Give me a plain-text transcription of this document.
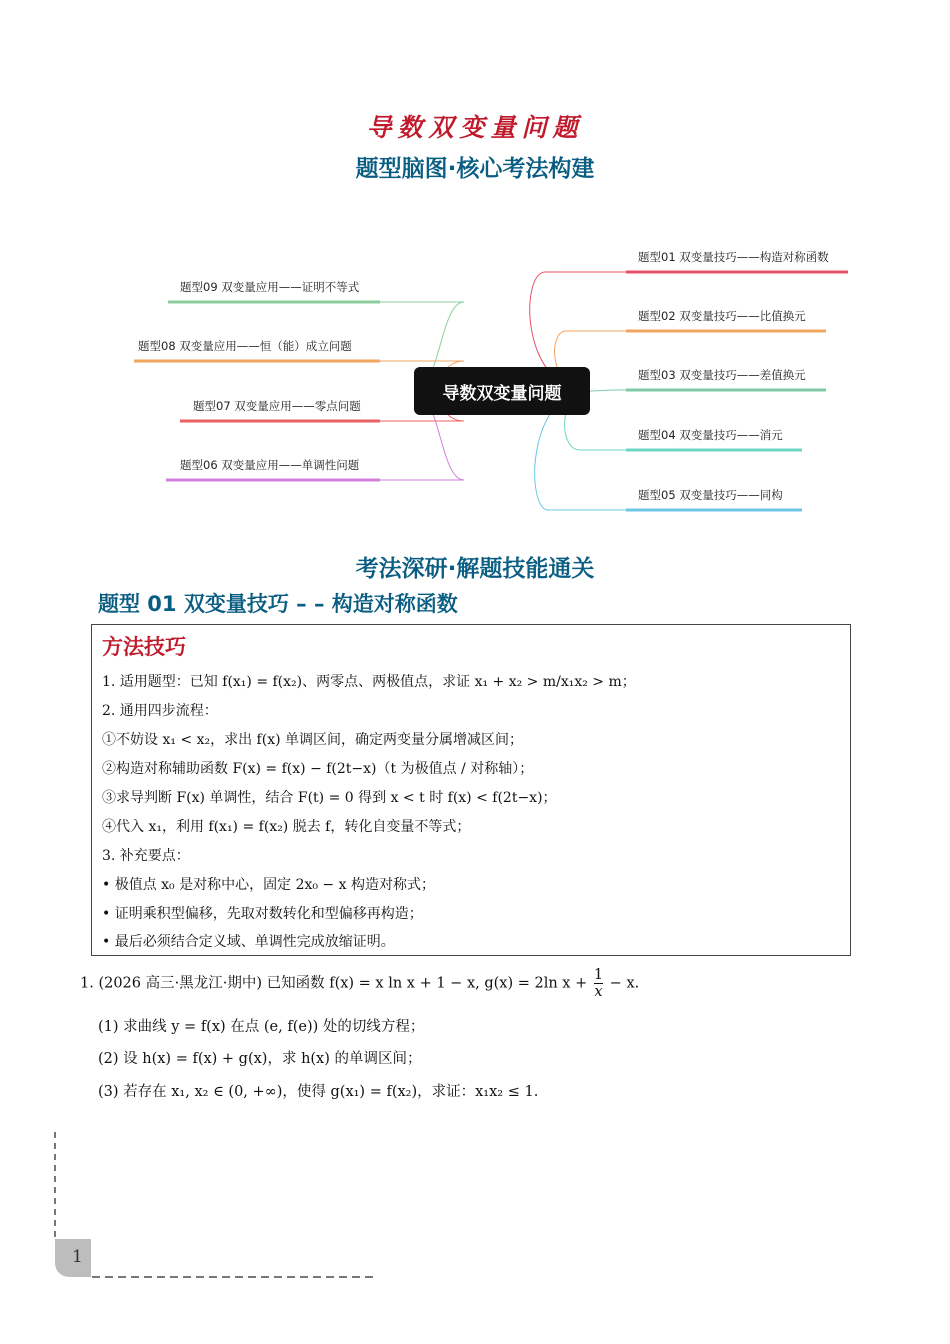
导数双变量问题
题型脑图·核心考法构建
题型09 双变量应用——证明不等式
题型08 双变量应用——恒（能）成立问题
题型07 双变量应用——零点问题
题型06 双变量应用——单调性问题
题型01 双变量技巧——构造对称函数
题型02 双变量技巧——比值换元
题型03 双变量技巧——差值换元
题型04 双变量技巧——消元
题型05 双变量技巧——同构
导数双变量问题
考法深研·解题技能通关
题型 01 双变量技巧 – – 构造对称函数
方法技巧
1. 适用题型：已知 f(x₁) = f(x₂)、两零点、两极值点，求证 x₁ + x₂ > m/x₁x₂ > m；
2. 通用四步流程：
①不妨设 x₁ < x₂，求出 f(x) 单调区间，确定两变量分属增减区间；
②构造对称辅助函数 F(x) = f(x) − f(2t−x)（t 为极值点 / 对称轴）；
③求导判断 F(x) 单调性，结合 F(t) = 0 得到 x < t 时 f(x) < f(2t−x)；
④代入 x₁，利用 f(x₁) = f(x₂) 脱去 f，转化自变量不等式；
3. 补充要点：
• 极值点 x₀ 是对称中心，固定 2x₀ − x 构造对称式；
• 证明乘积型偏移，先取对数转化和型偏移再构造；
• 最后必须结合定义域、单调性完成放缩证明。
1. (2026 高三·黑龙江·期中) 已知函数 f(x) = x ln x + 1 − x, g(x) = 2ln $x + \frac{1}{x} - x$.
(1) 求曲线 y = f(x) 在点 (e, f(e)) 处的切线方程；
(2) 设 h(x) = f(x) + g(x)，求 h(x) 的单调区间；
(3) 若存在 x₁, x₂ ∈ (0, +∞)，使得 g(x₁) = f(x₂)，求证：x₁x₂ ≤ 1.
1
